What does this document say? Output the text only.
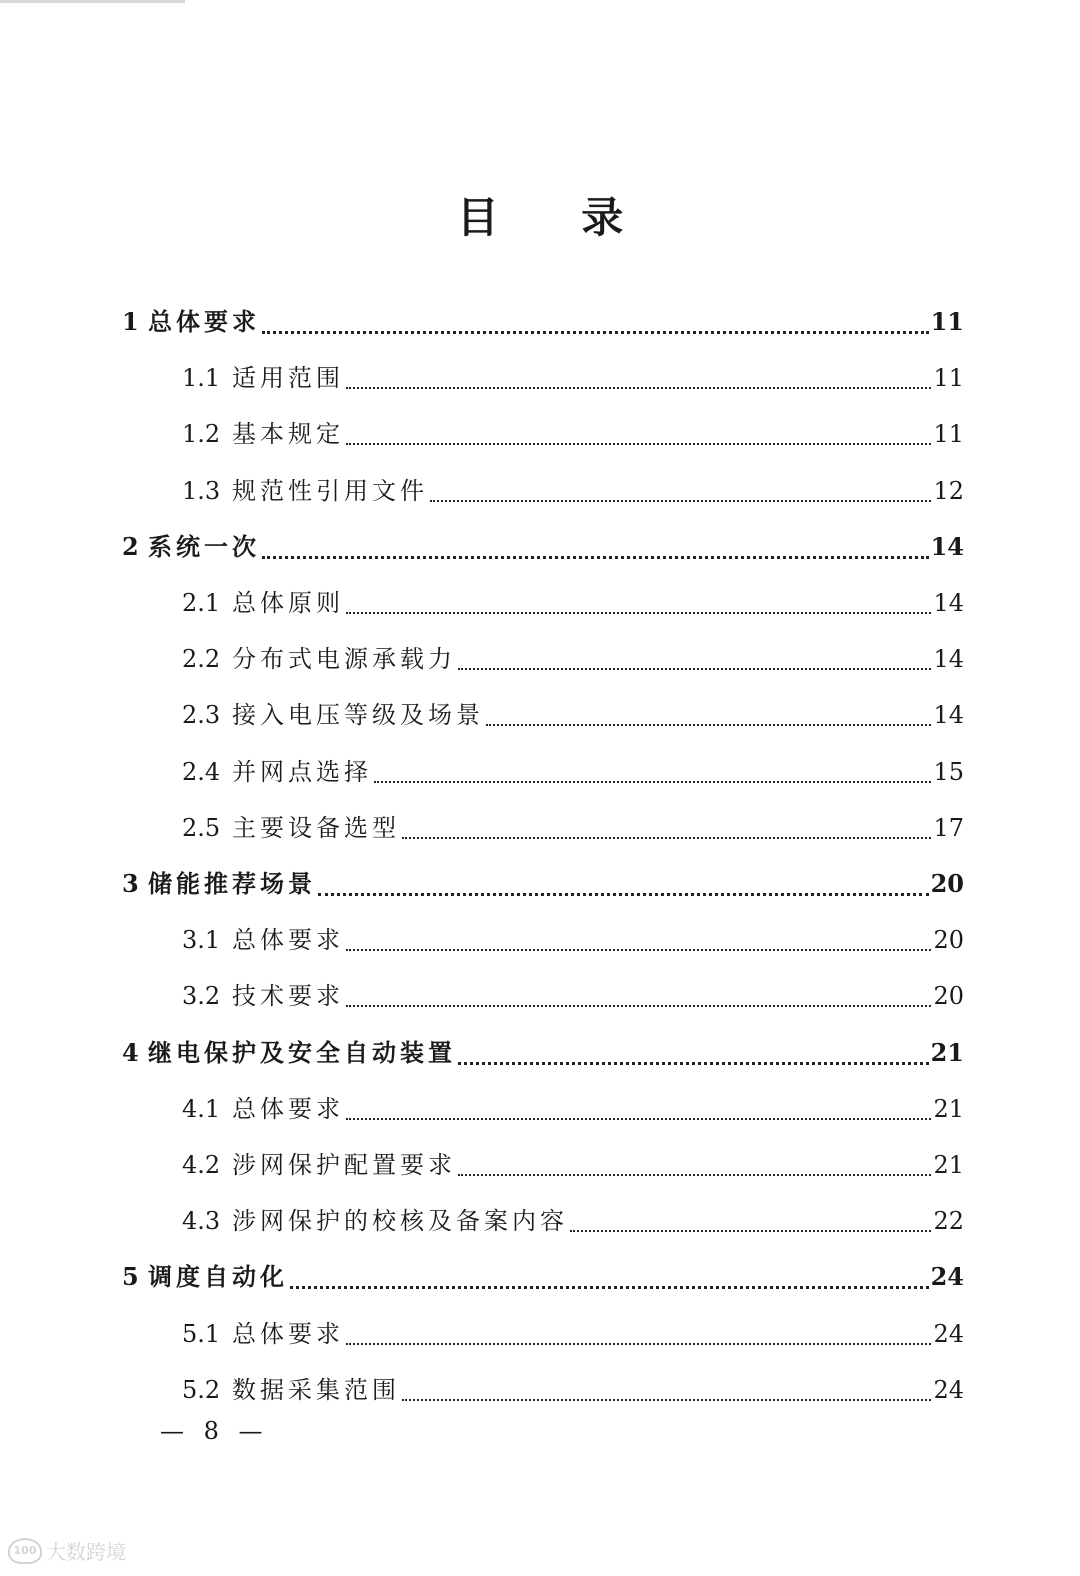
目 录
1 总体要求	11
1.1 适用范围	11
1.2 基本规定	11
1.3 规范性引用文件	12
2 系统一次	14
2.1 总体原则	14
2.2 分布式电源承载力	14
2.3 接入电压等级及场景	14
2.4 并网点选择	15
2.5 主要设备选型	17
3 储能推荐场景	20
3.1 总体要求	20
3.2 技术要求	20
4 继电保护及安全自动装置	21
4.1 总体要求	21
4.2 涉网保护配置要求	21
4.3 涉网保护的校核及备案内容	22
5 调度自动化	24
5.1 总体要求	24
5.2 数据采集范围	24
— 8 —
100 大数跨境
